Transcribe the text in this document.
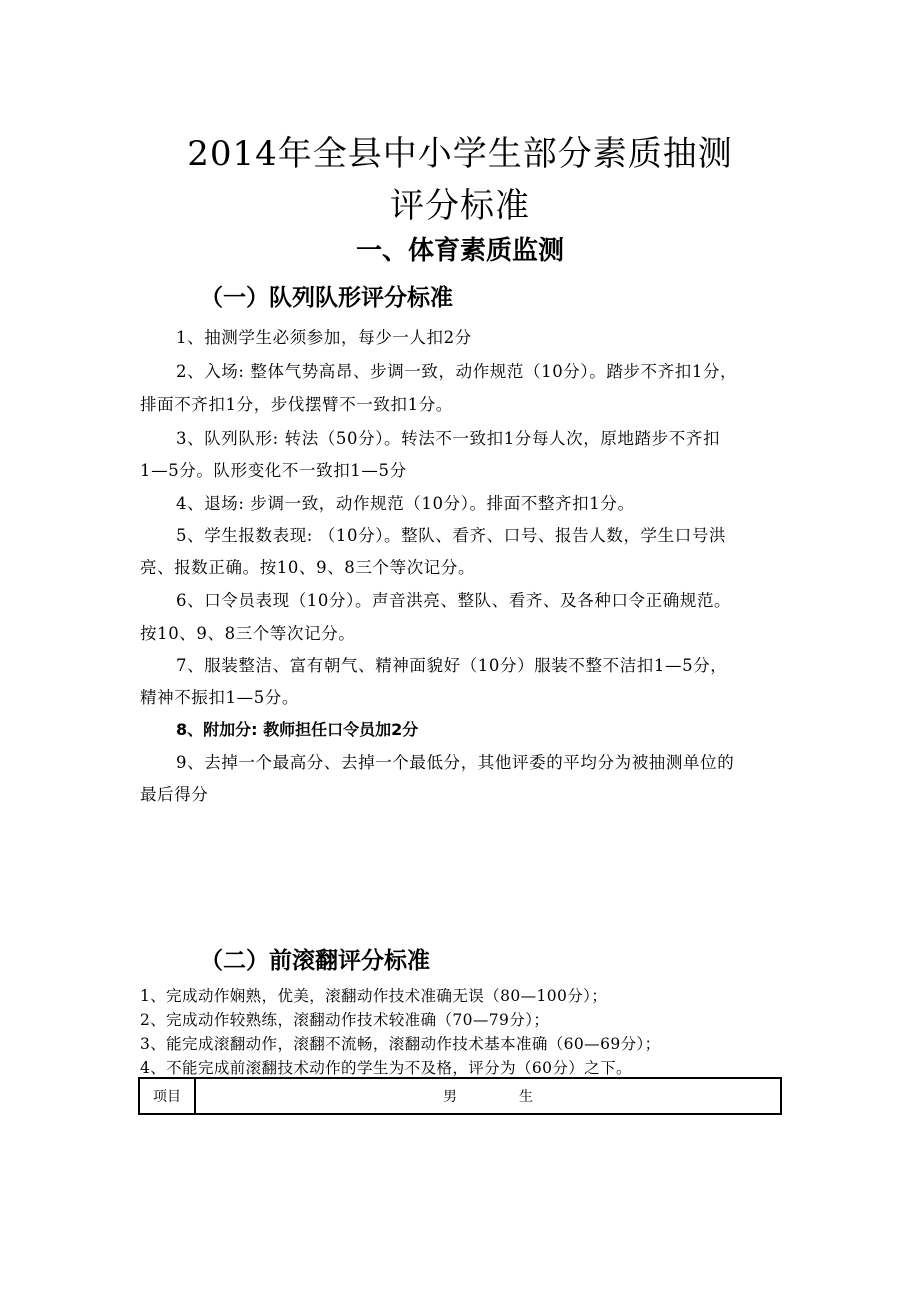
2014年全县中小学生部分素质抽测
评分标准
一、体育素质监测
（一）队列队形评分标准
1、抽测学生必须参加，每少一人扣2分
2、入场: 整体气势高昂、步调一致，动作规范（10分）。踏步不齐扣1分，
排面不齐扣1分，步伐摆臂不一致扣1分。
3、队列队形: 转法（50分）。转法不一致扣1分每人次，原地踏步不齐扣
1—5分。队形变化不一致扣1—5分
4、退场: 步调一致，动作规范（10分）。排面不整齐扣1分。
5、学生报数表现: （10分）。整队、看齐、口号、报告人数，学生口号洪
亮、报数正确。按10、9、8三个等次记分。
6、口令员表现（10分）。声音洪亮、整队、看齐、及各种口令正确规范。
按10、9、8三个等次记分。
7、服装整洁、富有朝气、精神面貌好（10分）服装不整不洁扣1—5分，
精神不振扣1—5分。
8、附加分: 教师担任口令员加2分
9、去掉一个最高分、去掉一个最低分，其他评委的平均分为被抽测单位的
最后得分
（二）前滚翻评分标准
1、完成动作娴熟，优美，滚翻动作技术准确无误（80—100分）；
2、完成动作较熟练，滚翻动作技术较准确（70—79分）；
3、能完成滚翻动作，滚翻不流畅，滚翻动作技术基本准确（60—69分）；
4、不能完成前滚翻技术动作的学生为不及格，评分为（60分）之下。
项目	男生
